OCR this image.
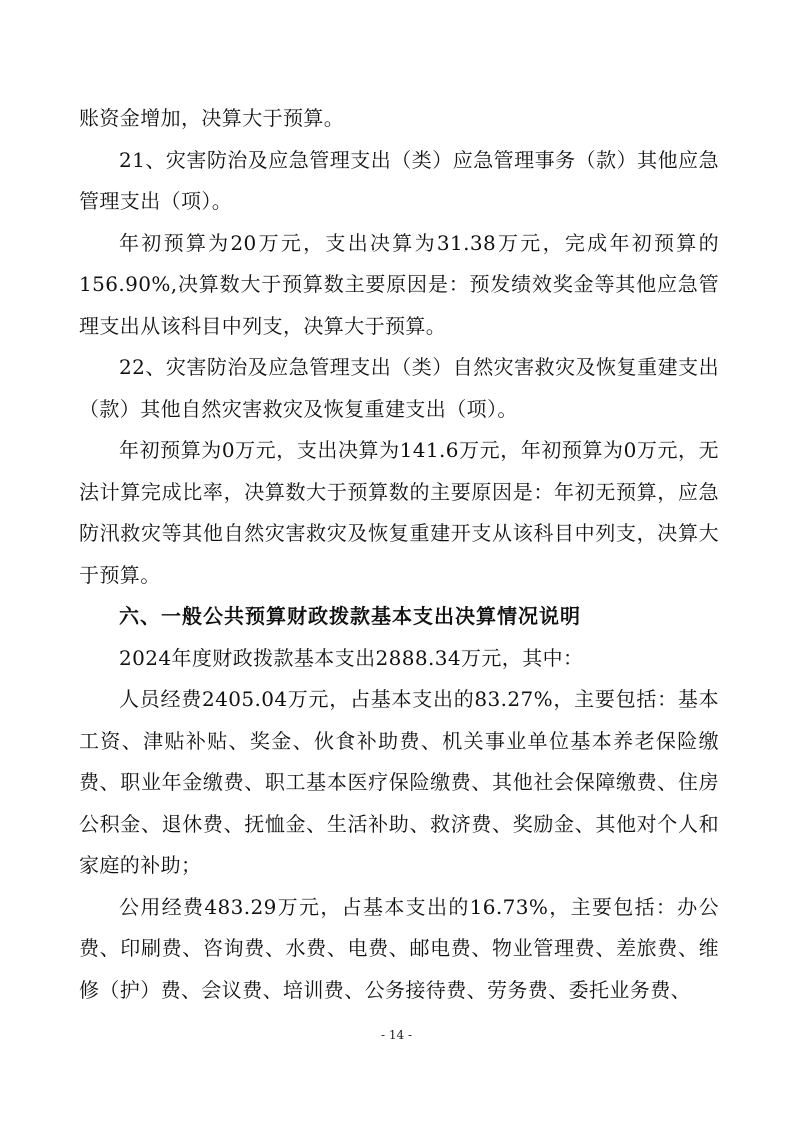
账资金增加，决算大于预算。

21、灾害防治及应急管理支出（类）应急管理事务（款）其他应急管理支出（项）。

年初预算为20万元，支出决算为31.38万元，完成年初预算的156.90%,决算数大于预算数主要原因是：预发绩效奖金等其他应急管理支出从该科目中列支，决算大于预算。

22、灾害防治及应急管理支出（类）自然灾害救灾及恢复重建支出（款）其他自然灾害救灾及恢复重建支出（项）。

年初预算为0万元，支出决算为141.6万元，年初预算为0万元，无法计算完成比率，决算数大于预算数的主要原因是：年初无预算，应急防汛救灾等其他自然灾害救灾及恢复重建开支从该科目中列支，决算大于预算。

六、一般公共预算财政拨款基本支出决算情况说明

2024年度财政拨款基本支出2888.34万元，其中：

人员经费2405.04万元，占基本支出的83.27%，主要包括：基本工资、津贴补贴、奖金、伙食补助费、机关事业单位基本养老保险缴费、职业年金缴费、职工基本医疗保险缴费、其他社会保障缴费、住房公积金、退休费、抚恤金、生活补助、救济费、奖励金、其他对个人和家庭的补助；

公用经费483.29万元，占基本支出的16.73%，主要包括：办公费、印刷费、咨询费、水费、电费、邮电费、物业管理费、差旅费、维修（护）费、会议费、培训费、公务接待费、劳务费、委托业务费、

- 14 -
